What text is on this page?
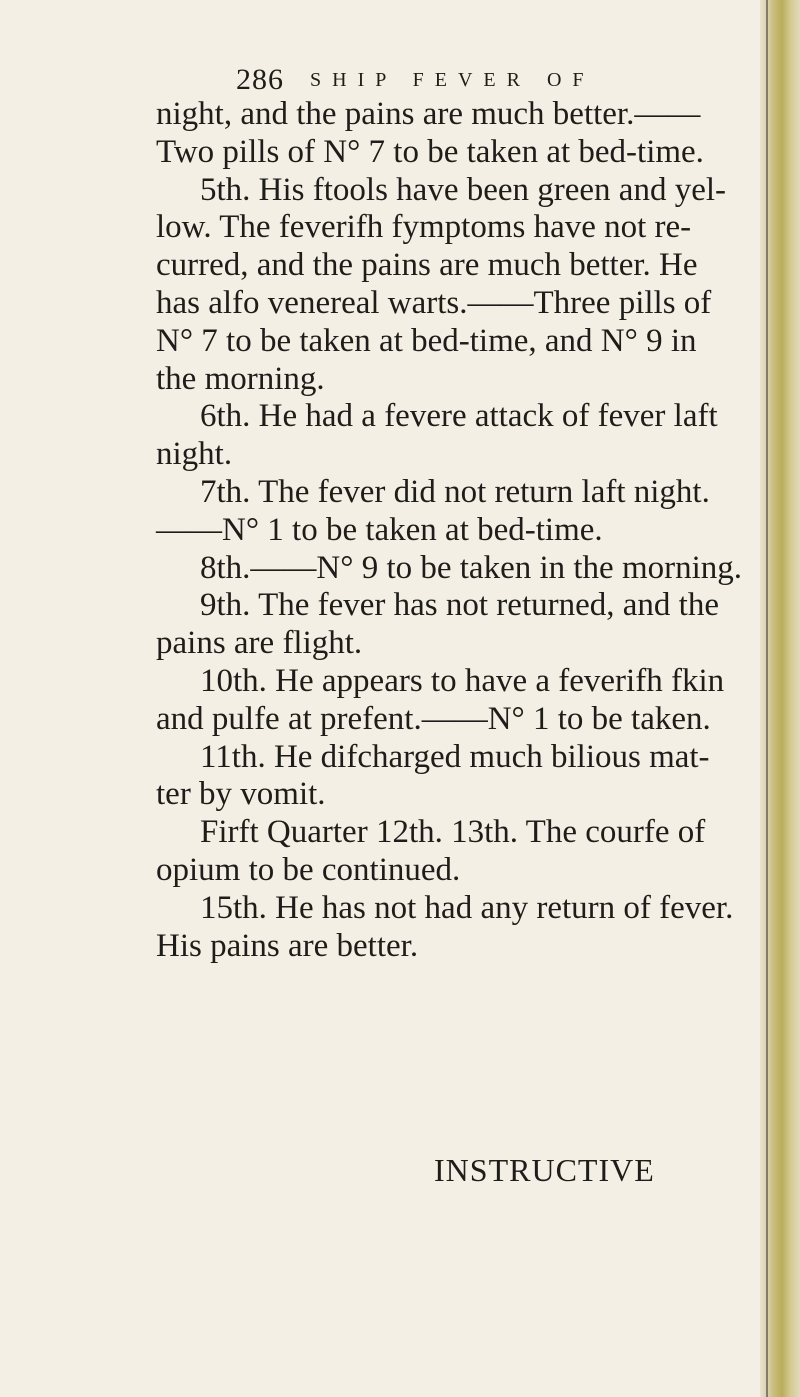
286 SHIP FEVER OF

night, and the pains are much better.——

Two pills of N° 7 to be taken at bed-time.

5th. His ftools have been green and yel-

low. The feverifh fymptoms have not re-

curred, and the pains are much better. He

has alfo venereal warts.——Three pills of

N° 7 to be taken at bed-time, and N° 9 in

the morning.

6th. He had a fevere attack of fever laft

night.

7th. The fever did not return laft night.

——N° 1 to be taken at bed-time.

8th.——N° 9 to be taken in the morning.

9th. The fever has not returned, and the

pains are flight.

10th. He appears to have a feverifh fkin

and pulfe at prefent.——N° 1 to be taken.

11th. He difcharged much bilious mat-

ter by vomit.

Firft Quarter 12th. 13th. The courfe of

opium to be continued.

15th. He has not had any return of fever.

His pains are better.

INSTRUCTIVE
